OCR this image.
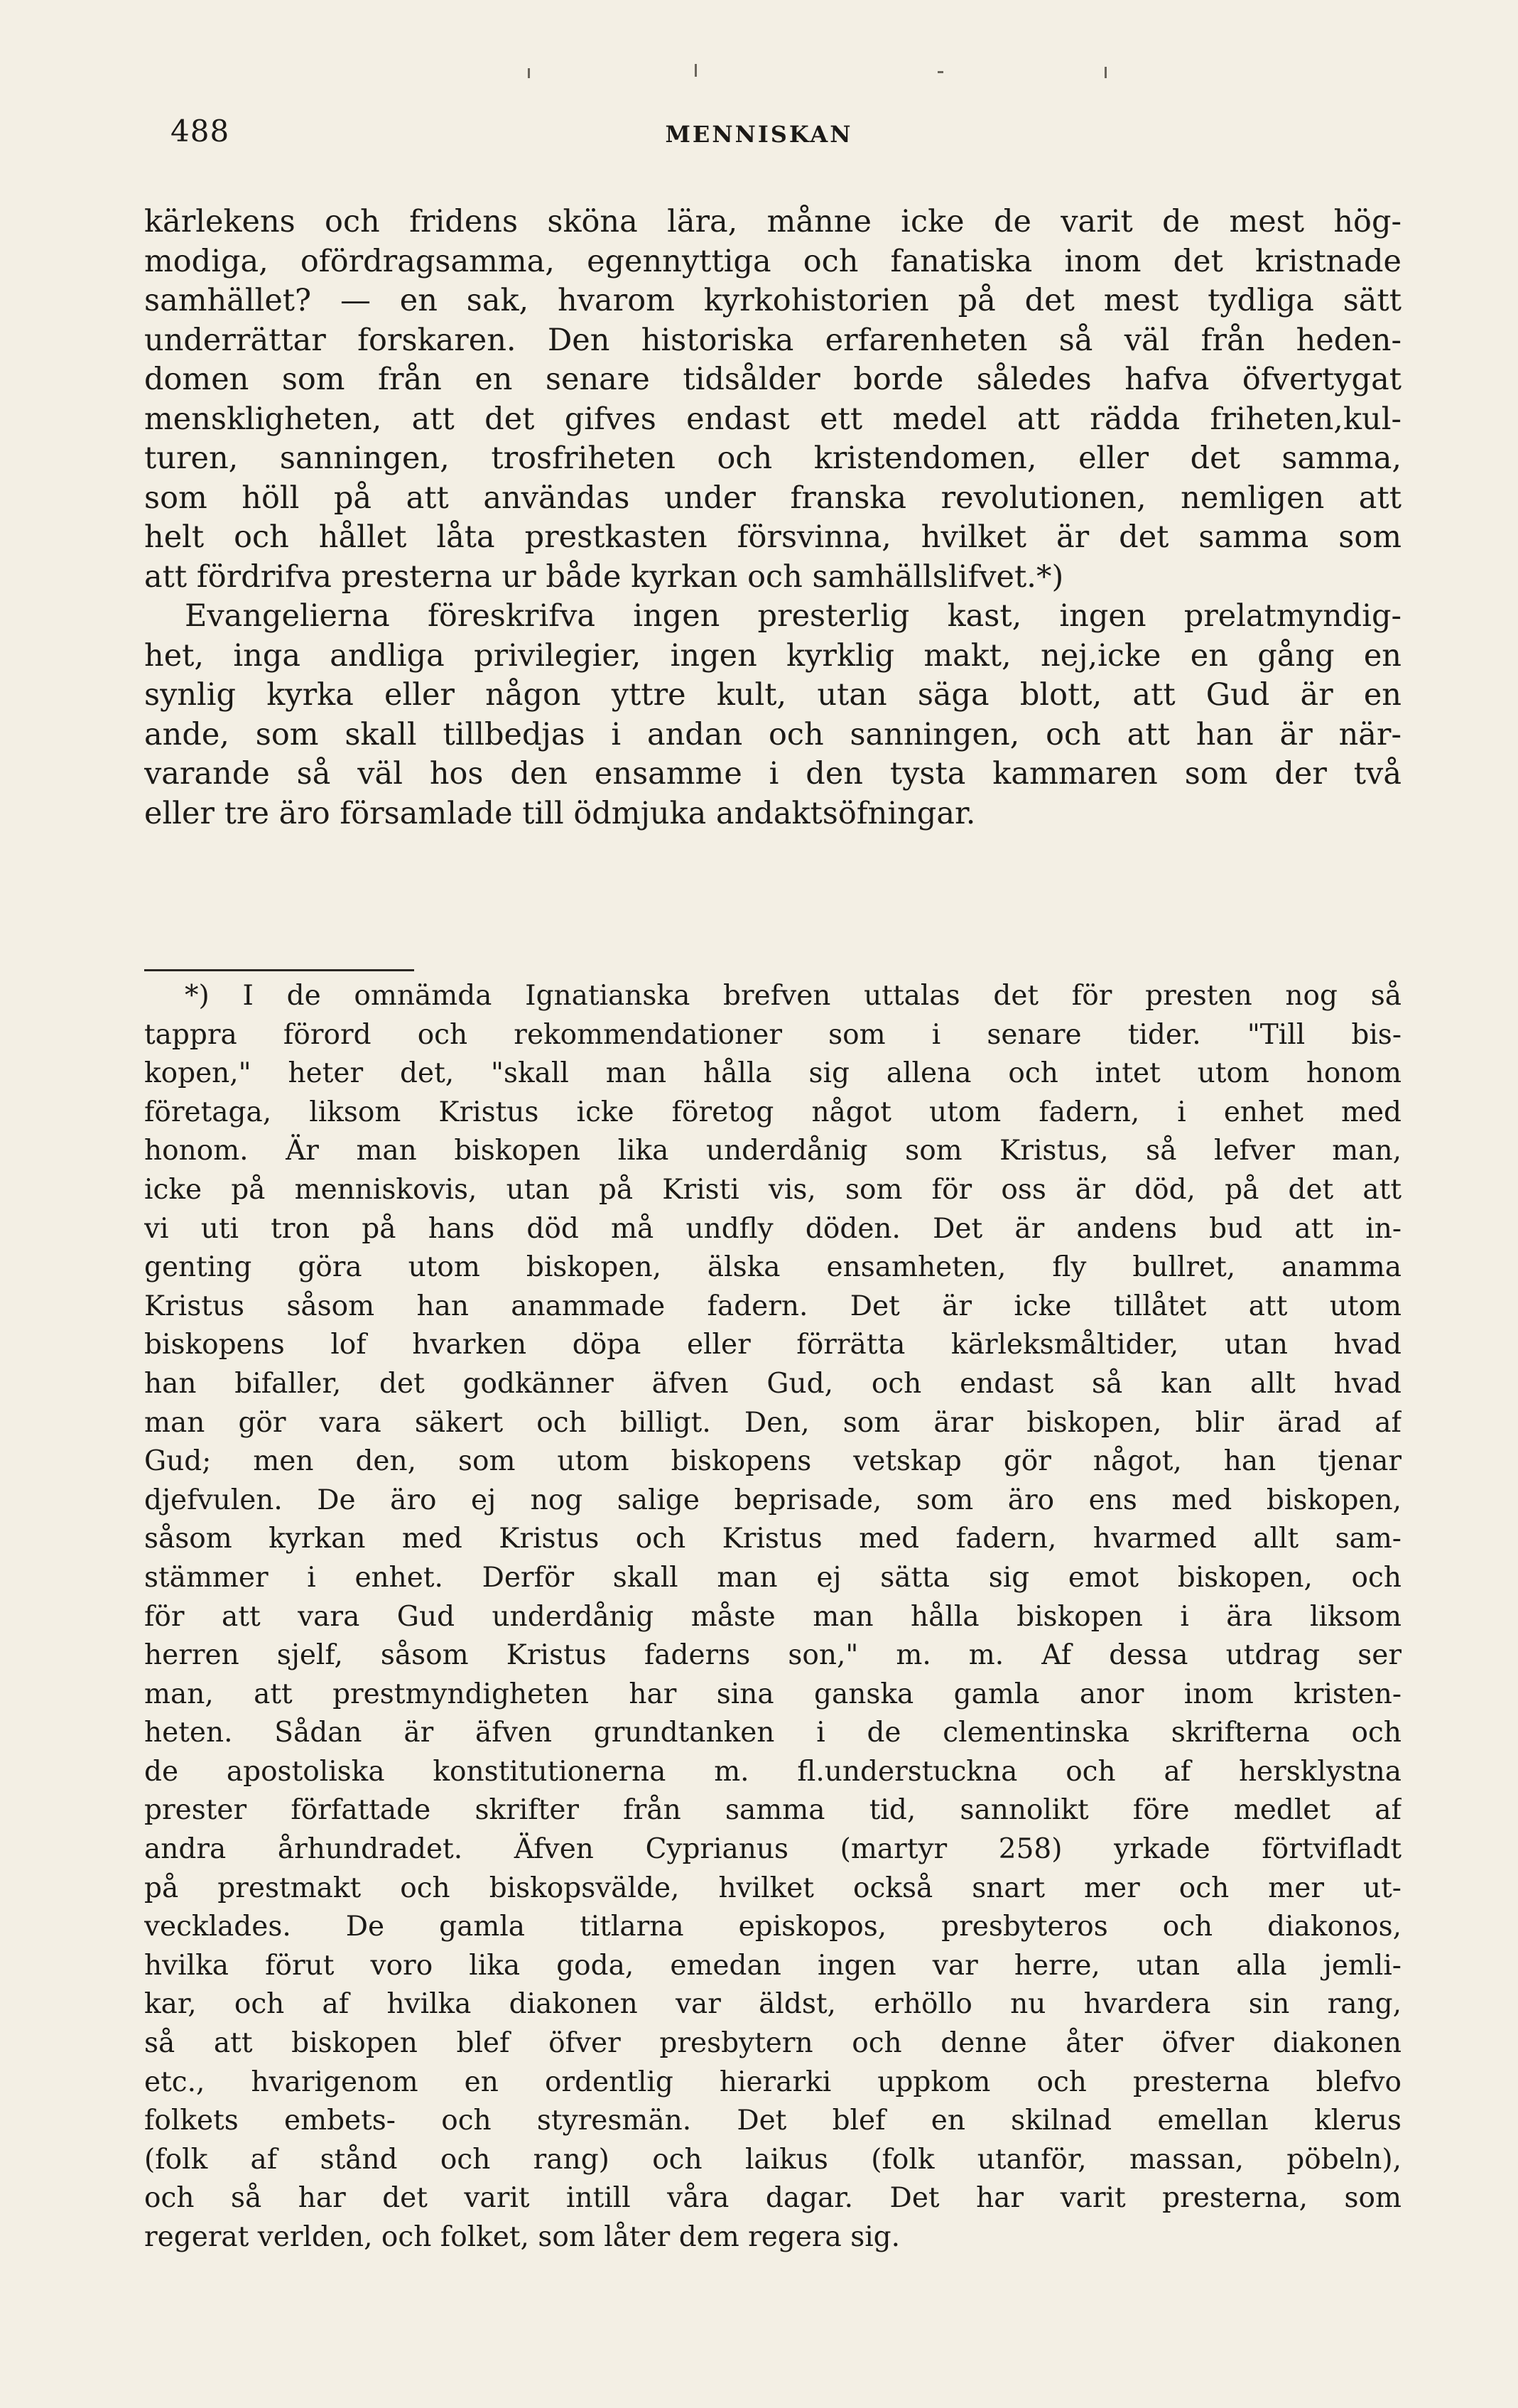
488	MENNISKAN
kärlekens och fridens sköna lära, månne icke de varit de mest hög-
modiga, ofördragsamma, egennyttiga och fanatiska inom det kristnade
samhället? — en sak, hvarom kyrkohistorien på det mest tydliga sätt
underrättar forskaren. Den historiska erfarenheten så väl från heden-
domen som från en senare tidsålder borde således hafva öfvertygat
menskligheten, att det gifves endast ett medel att rädda friheten,kul-
turen, sanningen, trosfriheten och kristendomen, eller det samma,
som höll på att användas under franska revolutionen, nemligen att
helt och hållet låta prestkasten försvinna, hvilket är det samma som
att fördrifva presterna ur både kyrkan och samhällslifvet.*)
Evangelierna föreskrifva ingen presterlig kast, ingen prelatmyndig-
het, inga andliga privilegier, ingen kyrklig makt, nej,icke en gång en
synlig kyrka eller någon yttre kult, utan säga blott, att Gud är en
ande, som skall tillbedjas i andan och sanningen, och att han är när-
varande så väl hos den ensamme i den tysta kammaren som der två
eller tre äro församlade till ödmjuka andaktsöfningar.
*) I de omnämda Ignatianska brefven uttalas det för presten nog så
tappra förord och rekommendationer som i senare tider. "Till bis-
kopen," heter det, "skall man hålla sig allena och intet utom honom
företaga, liksom Kristus icke företog något utom fadern, i enhet med
honom. Är man biskopen lika underdånig som Kristus, så lefver man,
icke på menniskovis, utan på Kristi vis, som för oss är död, på det att
vi uti tron på hans död må undfly döden. Det är andens bud att in-
genting göra utom biskopen, älska ensamheten, fly bullret, anamma
Kristus såsom han anammade fadern. Det är icke tillåtet att utom
biskopens lof hvarken döpa eller förrätta kärleksmåltider, utan hvad
han bifaller, det godkänner äfven Gud, och endast så kan allt hvad
man gör vara säkert och billigt. Den, som ärar biskopen, blir ärad af
Gud; men den, som utom biskopens vetskap gör något, han tjenar
djefvulen. De äro ej nog salige beprisade, som äro ens med biskopen,
såsom kyrkan med Kristus och Kristus med fadern, hvarmed allt sam-
stämmer i enhet. Derför skall man ej sätta sig emot biskopen, och
för att vara Gud underdånig måste man hålla biskopen i ära liksom
herren sjelf, såsom Kristus faderns son," m. m. Af dessa utdrag ser
man, att prestmyndigheten har sina ganska gamla anor inom kristen-
heten. Sådan är äfven grundtanken i de clementinska skrifterna och
de apostoliska konstitutionerna m. fl.understuckna och af hersklystna
prester författade skrifter från samma tid, sannolikt före medlet af
andra århundradet. Äfven Cyprianus (martyr 258) yrkade förtvifladt
på prestmakt och biskopsvälde, hvilket också snart mer och mer ut-
vecklades. De gamla titlarna episkopos, presbyteros och diakonos,
hvilka förut voro lika goda, emedan ingen var herre, utan alla jemli-
kar, och af hvilka diakonen var äldst, erhöllo nu hvardera sin rang,
så att biskopen blef öfver presbytern och denne åter öfver diakonen
etc., hvarigenom en ordentlig hierarki uppkom och presterna blefvo
folkets embets- och styresmän. Det blef en skilnad emellan klerus
(folk af stånd och rang) och laikus (folk utanför, massan, pöbeln),
och så har det varit intill våra dagar. Det har varit presterna, som
regerat verlden, och folket, som låter dem regera sig.
